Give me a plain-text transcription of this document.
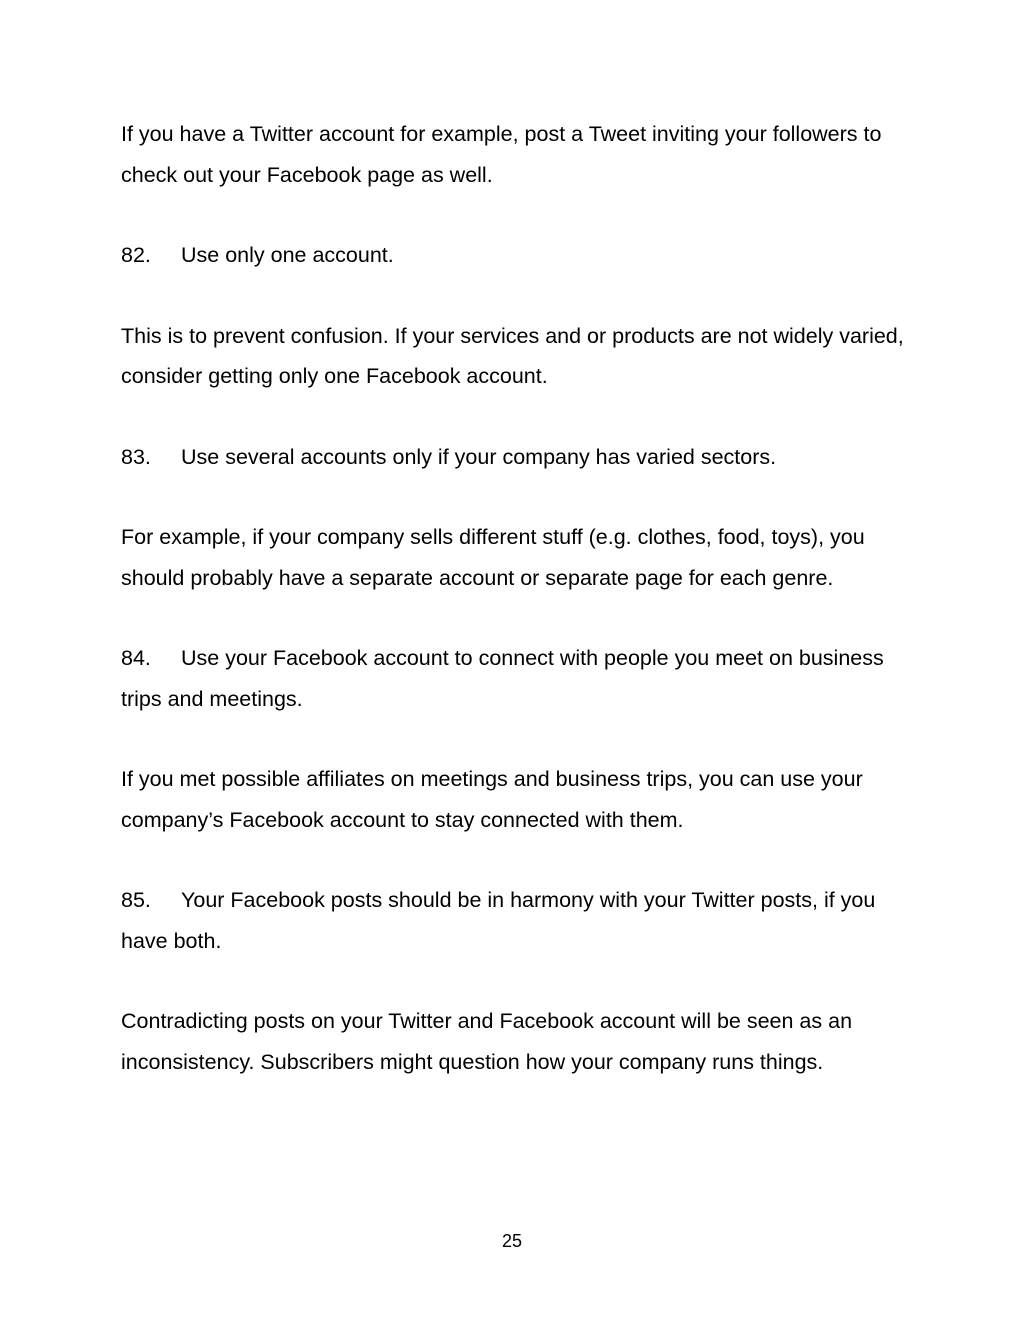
If you have a Twitter account for example, post a Tweet inviting your followers to check out your Facebook page as well.

82. Use only one account.

This is to prevent confusion. If your services and or products are not widely varied, consider getting only one Facebook account.

83. Use several accounts only if your company has varied sectors.

For example, if your company sells different stuff (e.g. clothes, food, toys), you should probably have a separate account or separate page for each genre.

84. Use your Facebook account to connect with people you meet on business trips and meetings.

If you met possible affiliates on meetings and business trips, you can use your company’s Facebook account to stay connected with them.

85. Your Facebook posts should be in harmony with your Twitter posts, if you have both.

Contradicting posts on your Twitter and Facebook account will be seen as an inconsistency. Subscribers might question how your company runs things.

25
